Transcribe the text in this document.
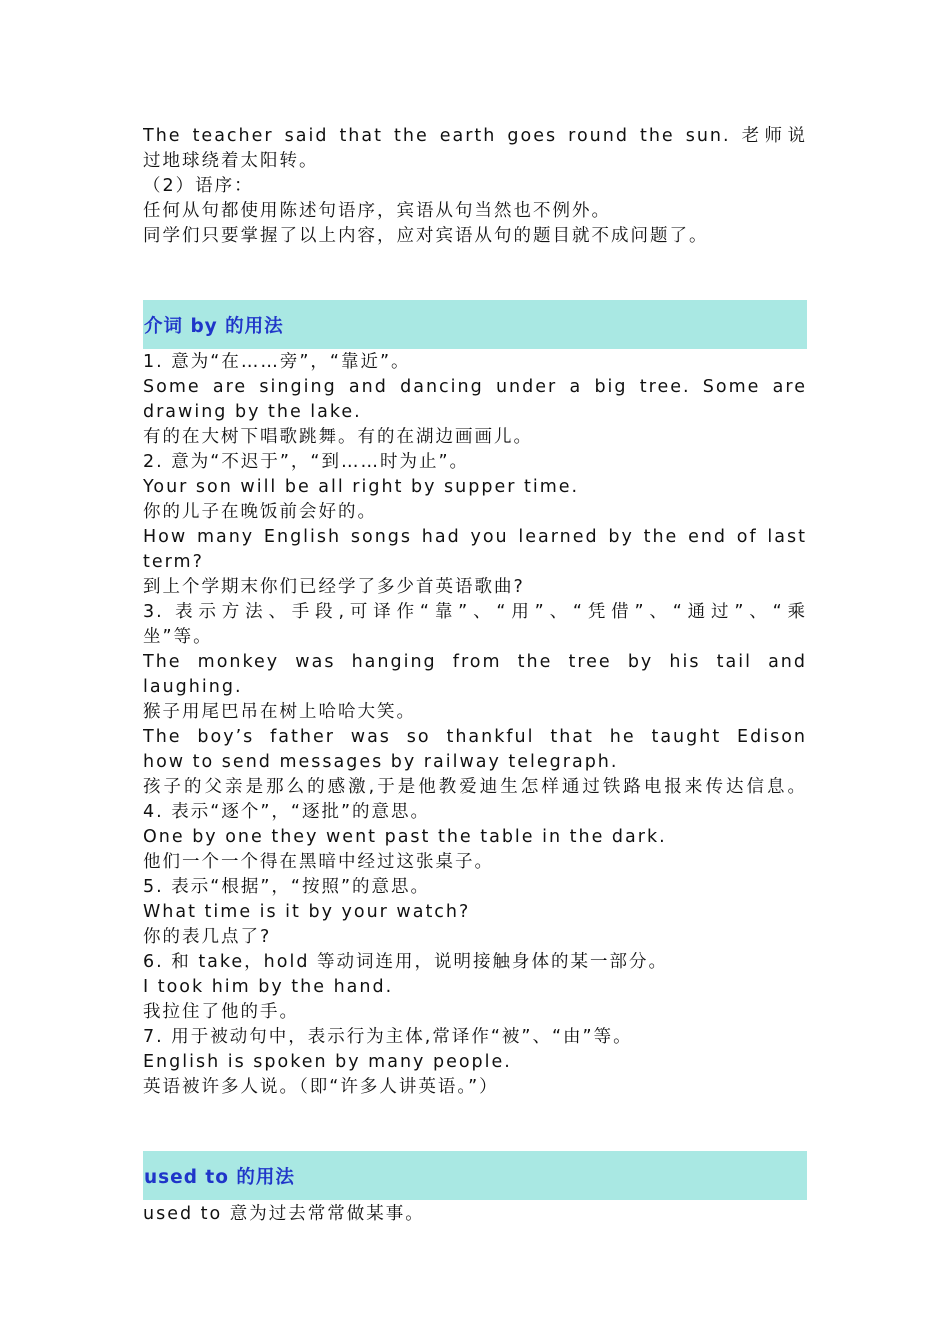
The teacher said that the earth goes round the sun. 老师说
过地球绕着太阳转。
（2）语序：
任何从句都使用陈述句语序，宾语从句当然也不例外。
同学们只要掌握了以上内容，应对宾语从句的题目就不成问题了。
介词 by 的用法
1. 意为“在……旁”，“靠近”。
Some are singing and dancing under a big tree. Some are
drawing by the lake.
有的在大树下唱歌跳舞。有的在湖边画画儿。
2. 意为“不迟于”，“到……时为止”。
Your son will be all right by supper time.
你的儿子在晚饭前会好的。
How many English songs had you learned by the end of last
term?
到上个学期末你们已经学了多少首英语歌曲?
3. 表示方法、手段,可译作“靠”、“用”、“凭借”、“通过”、“乘
坐”等。
The monkey was hanging from the tree by his tail and
laughing.
猴子用尾巴吊在树上哈哈大笑。
The boy’s father was so thankful that he taught Edison
how to send messages by railway telegraph.
孩子的父亲是那么的感激,于是他教爱迪生怎样通过铁路电报来传达信息。
4. 表示“逐个”，“逐批”的意思。
One by one they went past the table in the dark.
他们一个一个得在黑暗中经过这张桌子。
5. 表示“根据”，“按照”的意思。
What time is it by your watch?
你的表几点了?
6. 和 take，hold 等动词连用，说明接触身体的某一部分。
I took him by the hand.
我拉住了他的手。
7. 用于被动句中，表示行为主体,常译作“被”、“由”等。
English is spoken by many people.
英语被许多人说。（即“许多人讲英语。”）
used to 的用法
used to 意为过去常常做某事。
